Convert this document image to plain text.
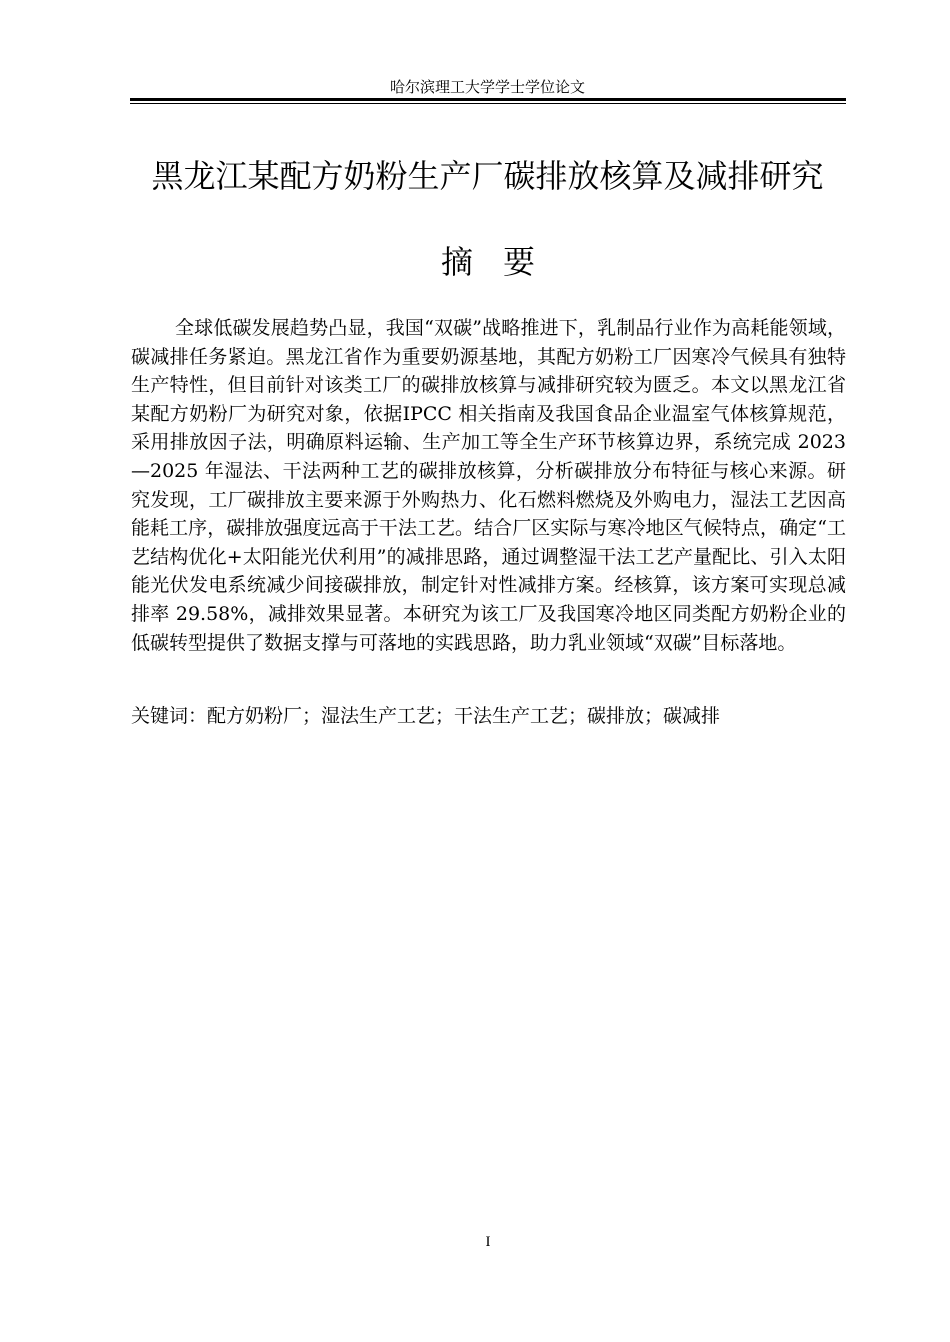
哈尔滨理工大学学士学位论文
黑龙江某配方奶粉生产厂碳排放核算及减排研究
摘要

全球低碳发展趋势凸显，我国“双碳”战略推进下，乳制品行业作为高耗能领域，碳减排任务紧迫。黑龙江省作为重要奶源基地，其配方奶粉工厂因寒冷气候具有独特生产特性，但目前针对该类工厂的碳排放核算与减排研究较为匮乏。本文以黑龙江省某配方奶粉厂为研究对象，依据IPCC 相关指南及我国食品企业温室气体核算规范，采用排放因子法，明确原料运输、生产加工等全生产环节核算边界，系统完成 2023—2025 年湿法、干法两种工艺的碳排放核算，分析碳排放分布特征与核心来源。研究发现，工厂碳排放主要来源于外购热力、化石燃料燃烧及外购电力，湿法工艺因高能耗工序，碳排放强度远高于干法工艺。结合厂区实际与寒冷地区气候特点，确定“工艺结构优化+太阳能光伏利用”的减排思路，通过调整湿干法工艺产量配比、引入太阳能光伏发电系统减少间接碳排放，制定针对性减排方案。经核算，该方案可实现总减排率 29.58%，减排效果显著。本研究为该工厂及我国寒冷地区同类配方奶粉企业的低碳转型提供了数据支撑与可落地的实践思路，助力乳业领域“双碳”目标落地。

关键词：配方奶粉厂；湿法生产工艺；干法生产工艺；碳排放；碳减排
I
